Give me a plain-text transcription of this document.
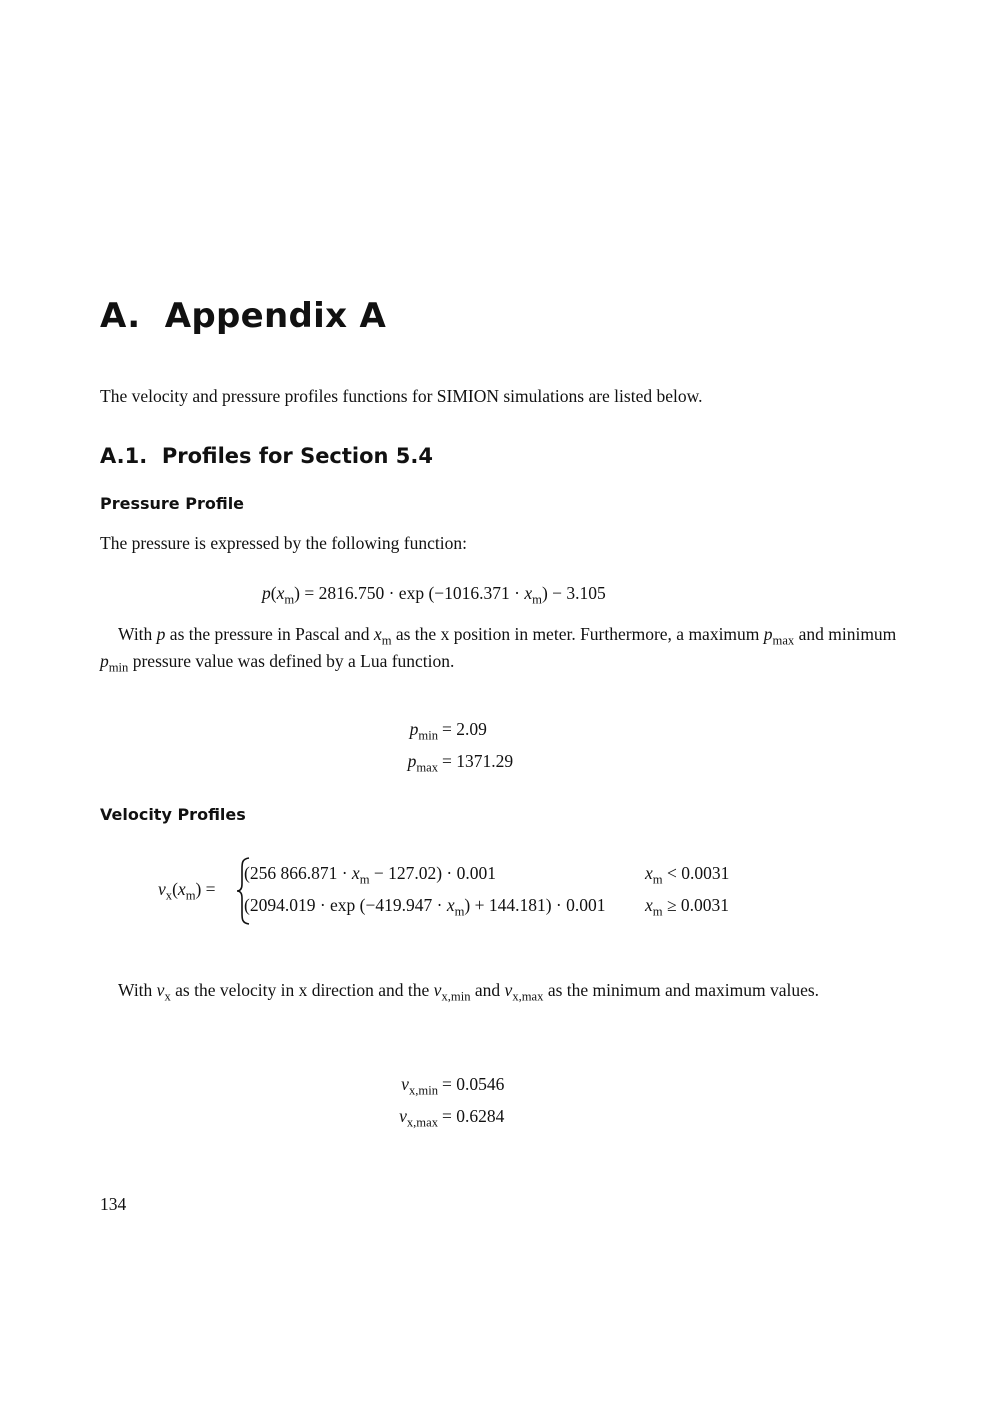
A. Appendix A
The velocity and pressure profiles functions for SIMION simulations are listed below.
A.1. Profiles for Section 5.4
Pressure Profile
The pressure is expressed by the following function:
$p(x_m) = 2816.750 \cdot \exp (-1016.371 \cdot x_m) - 3.105$
With p as the pressure in Pascal and $x_m$ as the x position in meter. Furthermore, a maximum $p_{max}$ and minimum $p_{min}$ pressure value was defined by a Lua function.
$p_{min} = 2.09$
$p_{max} = 1371.29$
Velocity Profiles
$v_x(x_m)$ =
(256 $866.871 \cdot x_m - 127.02) \cdot 0.001$	$x_m < 0.0031$
$(2094.019 \cdot \exp (-419.947 \cdot x_m) + 144.181) \cdot 0.001$ $x_m \ge 0.0031$
With $v_x$ as the velocity in x direction and the $v_{x,min}$ and $v_{x,max}$ as the minimum and maximum values.
$v_{x,min} = 0.0546$
$v_{x,max} = 0.6284$
134
